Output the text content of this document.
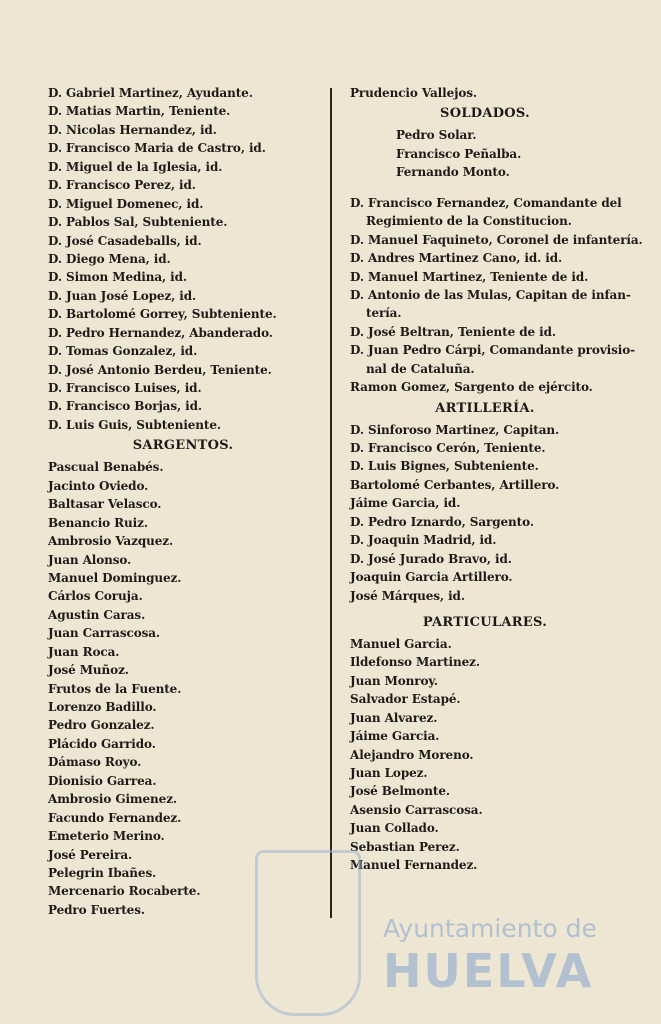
D. Gabriel Martinez, Ayudante.
D. Matias Martin, Teniente.
D. Nicolas Hernandez, id.
D. Francisco Maria de Castro, id.
D. Miguel de la Iglesia, id.
D. Francisco Perez, id.
D. Miguel Domenec, id.
D. Pablos Sal, Subteniente.
D. José Casadeballs, id.
D. Diego Mena, id.
D. Simon Medina, id.
D. Juan José Lopez, id.
D. Bartolomé Gorrey, Subteniente.
D. Pedro Hernandez, Abanderado.
D. Tomas Gonzalez, id.
D. José Antonio Berdeu, Teniente.
D. Francisco Luises, id.
D. Francisco Borjas, id.
D. Luis Guis, Subteniente.
SARGENTOS.
Pascual Benabés.
Jacinto Oviedo.
Baltasar Velasco.
Benancio Ruiz.
Ambrosio Vazquez.
Juan Alonso.
Manuel Dominguez.
Cárlos Coruja.
Agustin Caras.
Juan Carrascosa.
Juan Roca.
José Muñoz.
Frutos de la Fuente.
Lorenzo Badillo.
Pedro Gonzalez.
Plácido Garrido.
Dámaso Royo.
Dionisio Garrea.
Ambrosio Gimenez.
Facundo Fernandez.
Emeterio Merino.
José Pereira.
Pelegrin Ibañes.
Mercenario Rocaberte.
Pedro Fuertes.
Prudencio Vallejos.
SOLDADOS.
Pedro Solar.
Francisco Peñalba.
Fernando Monto.
D. Francisco Fernandez, Comandante del
Regimiento de la Constitucion.
D. Manuel Faquineto, Coronel de infantería.
D. Andres Martinez Cano, id. id.
D. Manuel Martinez, Teniente de id.
D. Antonio de las Mulas, Capitan de infan-
tería.
D. José Beltran, Teniente de id.
D. Juan Pedro Cárpi, Comandante provisio-
nal de Cataluña.
Ramon Gomez, Sargento de ejército.
ARTILLERÍA.
D. Sinforoso Martinez, Capitan.
D. Francisco Cerón, Teniente.
D. Luis Bignes, Subteniente.
Bartolomé Cerbantes, Artillero.
Jáime Garcia, id.
D. Pedro Iznardo, Sargento.
D. Joaquin Madrid, id.
D. José Jurado Bravo, id.
Joaquin Garcia Artillero.
José Márques, id.
PARTICULARES.
Manuel Garcia.
Ildefonso Martinez.
Juan Monroy.
Salvador Estapé.
Juan Alvarez.
Jáime Garcia.
Alejandro Moreno.
Juan Lopez.
José Belmonte.
Asensio Carrascosa.
Juan Collado.
Sebastian Perez.
Manuel Fernandez.
Ayuntamiento de
HUELVA
